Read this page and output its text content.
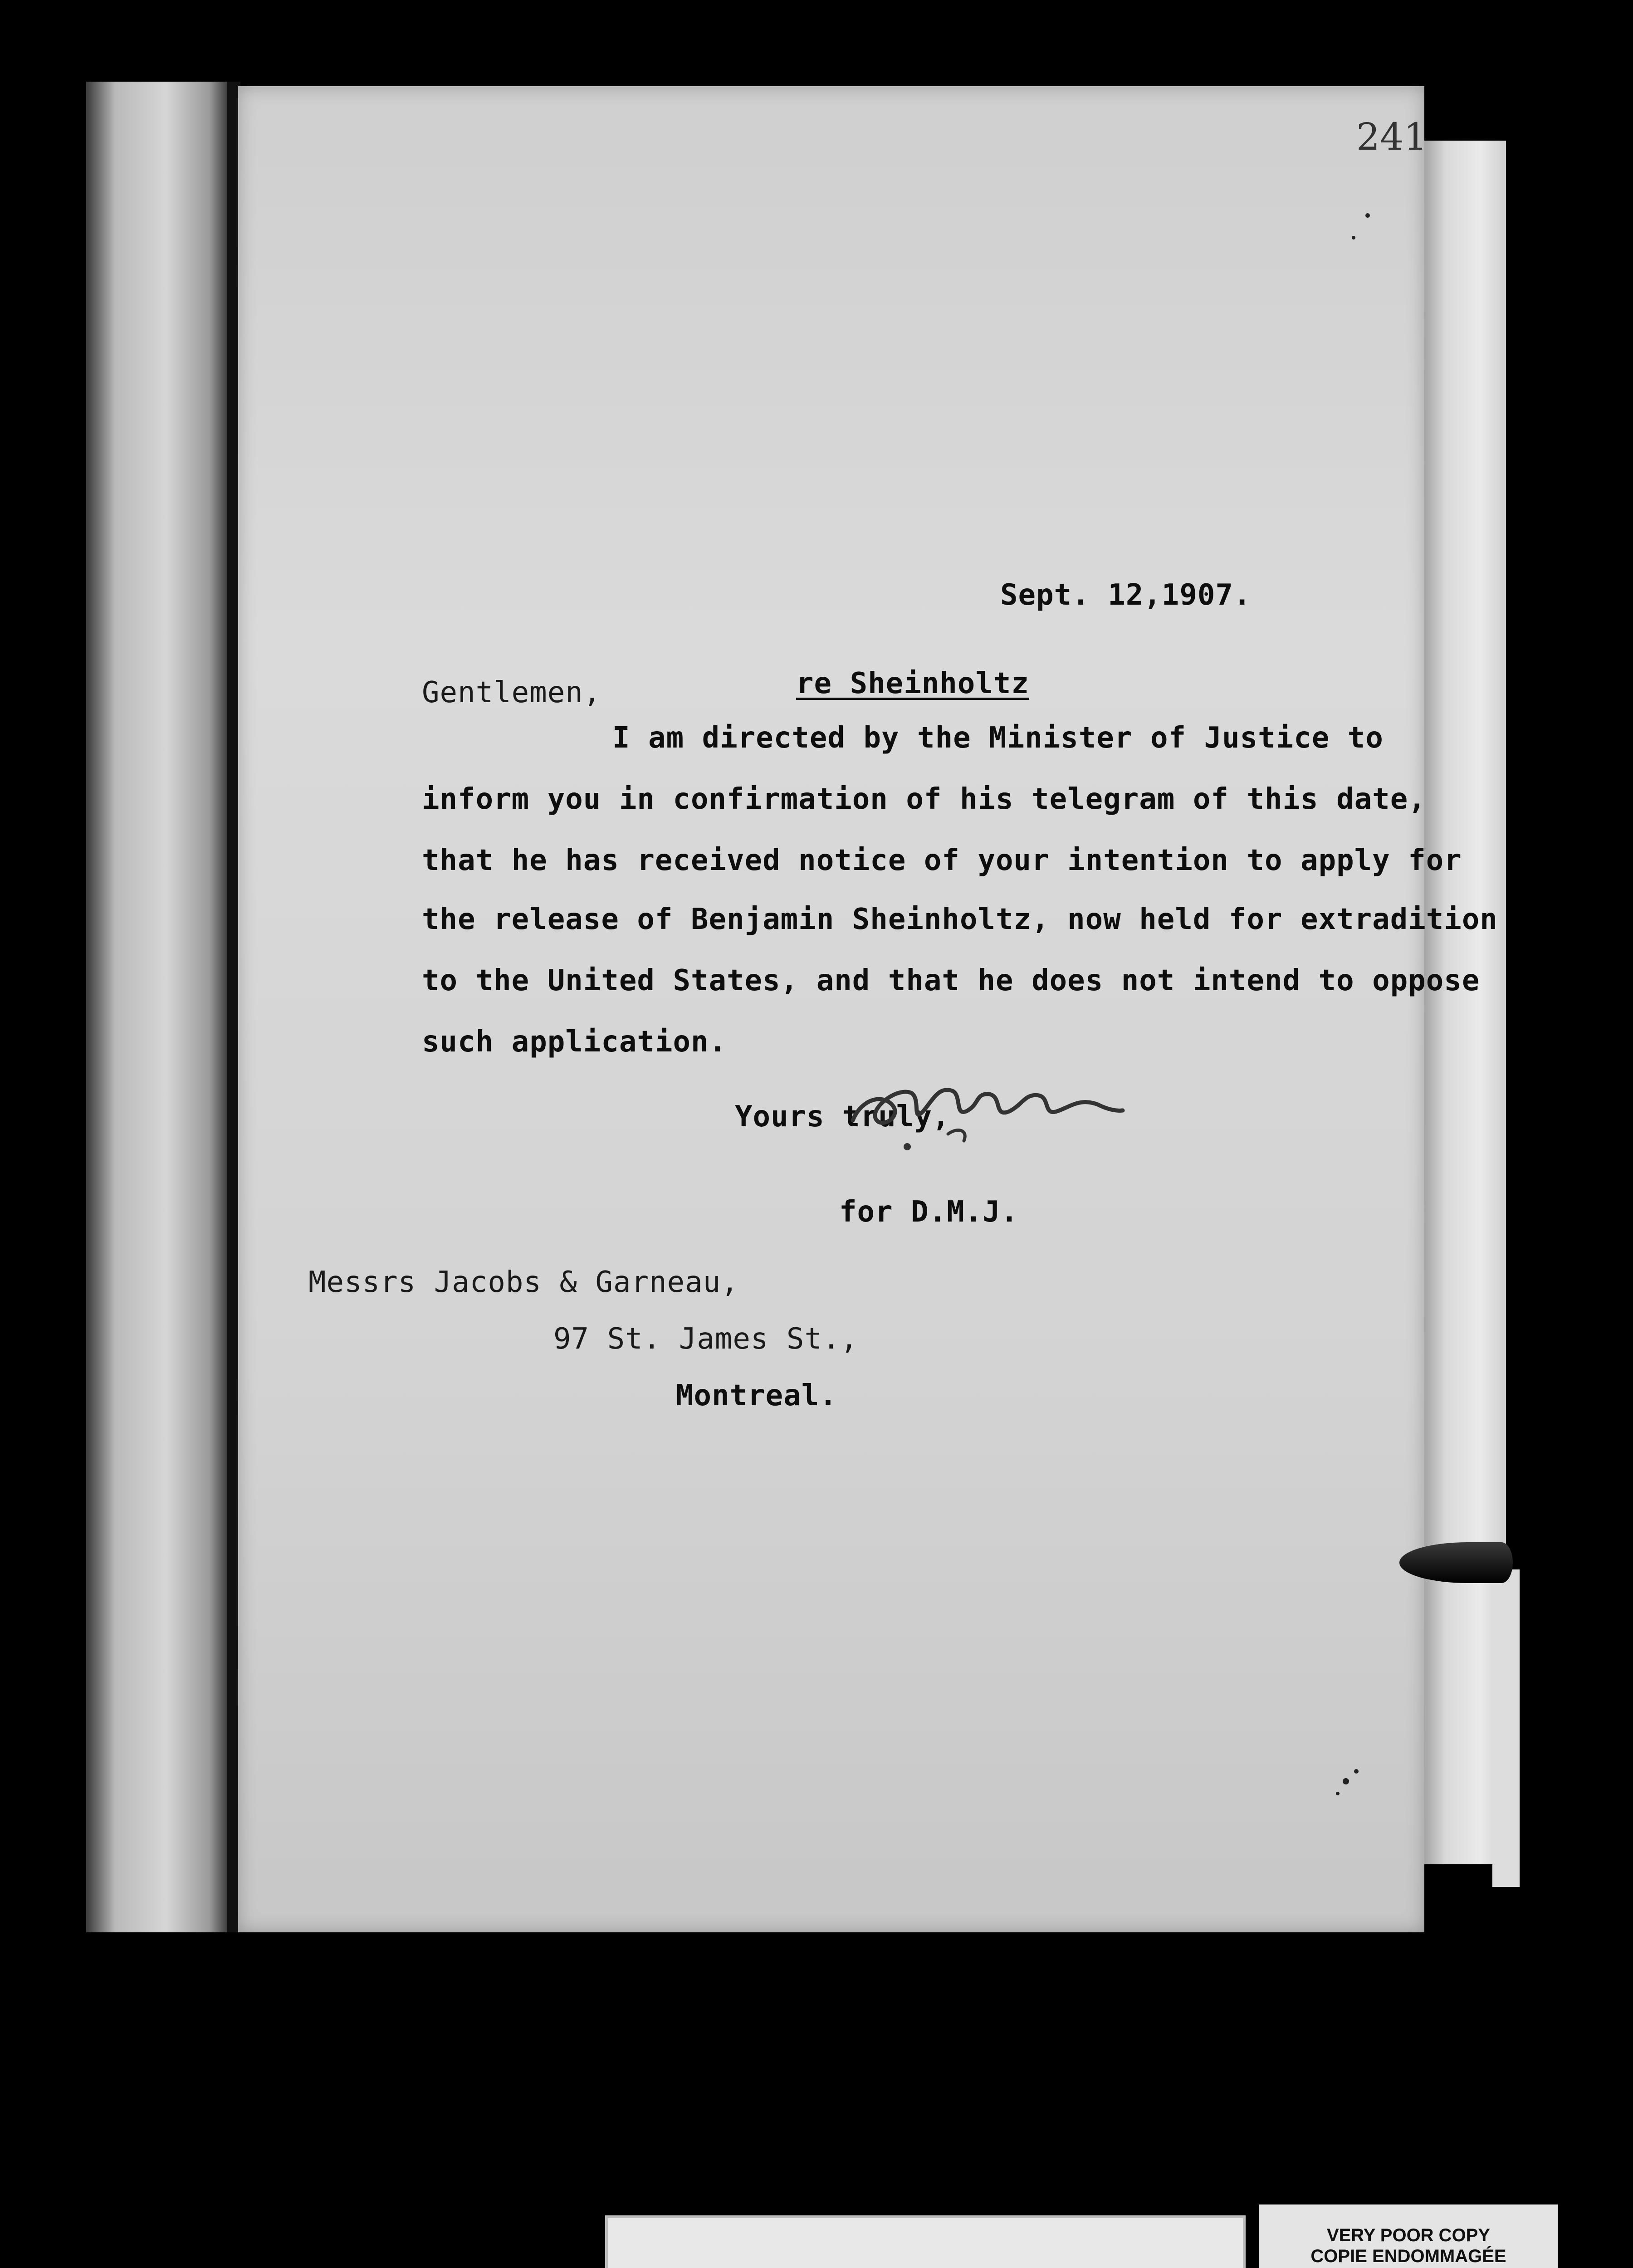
241
Sept. 12,1907.
re Sheinholtz
Gentlemen,
I am directed by the Minister of Justice to
inform you in confirmation of his telegram of this date,
that he has received notice of your intention to apply for
the release of Benjamin Sheinholtz, now held for extradition
to the United States, and that he does not intend to oppose
such application.
Yours truly,
for D.M.J.
Messrs Jacobs & Garneau,
97 St. James St.,
Montreal.
VERY POOR COPY
COPIE ENDOMMAGÉE
